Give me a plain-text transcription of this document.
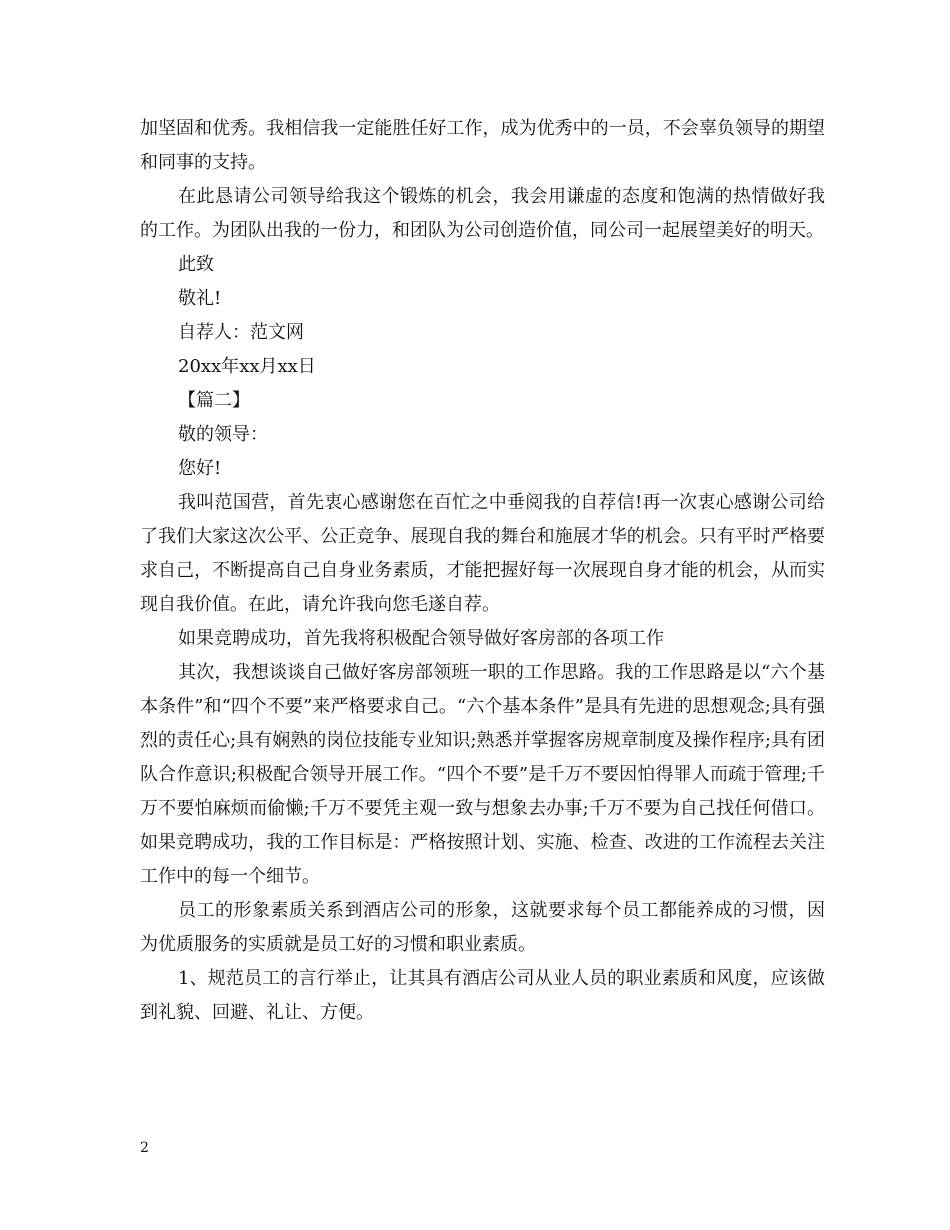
加坚固和优秀。我相信我一定能胜任好工作，成为优秀中的一员，不会辜负领导的期望和同事的支持。

在此恳请公司领导给我这个锻炼的机会，我会用谦虚的态度和饱满的热情做好我的工作。为团队出我的一份力，和团队为公司创造价值，同公司一起展望美好的明天。

此致

敬礼!

自荐人：范文网

20xx年xx月xx日

【篇二】

敬的领导：

您好!

我叫范国营，首先衷心感谢您在百忙之中垂阅我的自荐信!再一次衷心感谢公司给了我们大家这次公平、公正竞争、展现自我的舞台和施展才华的机会。只有平时严格要求自己，不断提高自己自身业务素质，才能把握好每一次展现自身才能的机会，从而实现自我价值。在此，请允许我向您毛遂自荐。

如果竞聘成功，首先我将积极配合领导做好客房部的各项工作

其次，我想谈谈自己做好客房部领班一职的工作思路。我的工作思路是以“六个基本条件”和“四个不要”来严格要求自己。“六个基本条件”是具有先进的思想观念;具有强烈的责任心;具有娴熟的岗位技能专业知识;熟悉并掌握客房规章制度及操作程序;具有团队合作意识;积极配合领导开展工作。“四个不要”是千万不要因怕得罪人而疏于管理;千万不要怕麻烦而偷懒;千万不要凭主观一致与想象去办事;千万不要为自己找任何借口。如果竞聘成功，我的工作目标是：严格按照计划、实施、检查、改进的工作流程去关注工作中的每一个细节。

员工的形象素质关系到酒店公司的形象，这就要求每个员工都能养成的习惯，因为优质服务的实质就是员工好的习惯和职业素质。

1、规范员工的言行举止，让其具有酒店公司从业人员的职业素质和风度，应该做到礼貌、回避、礼让、方便。

2
